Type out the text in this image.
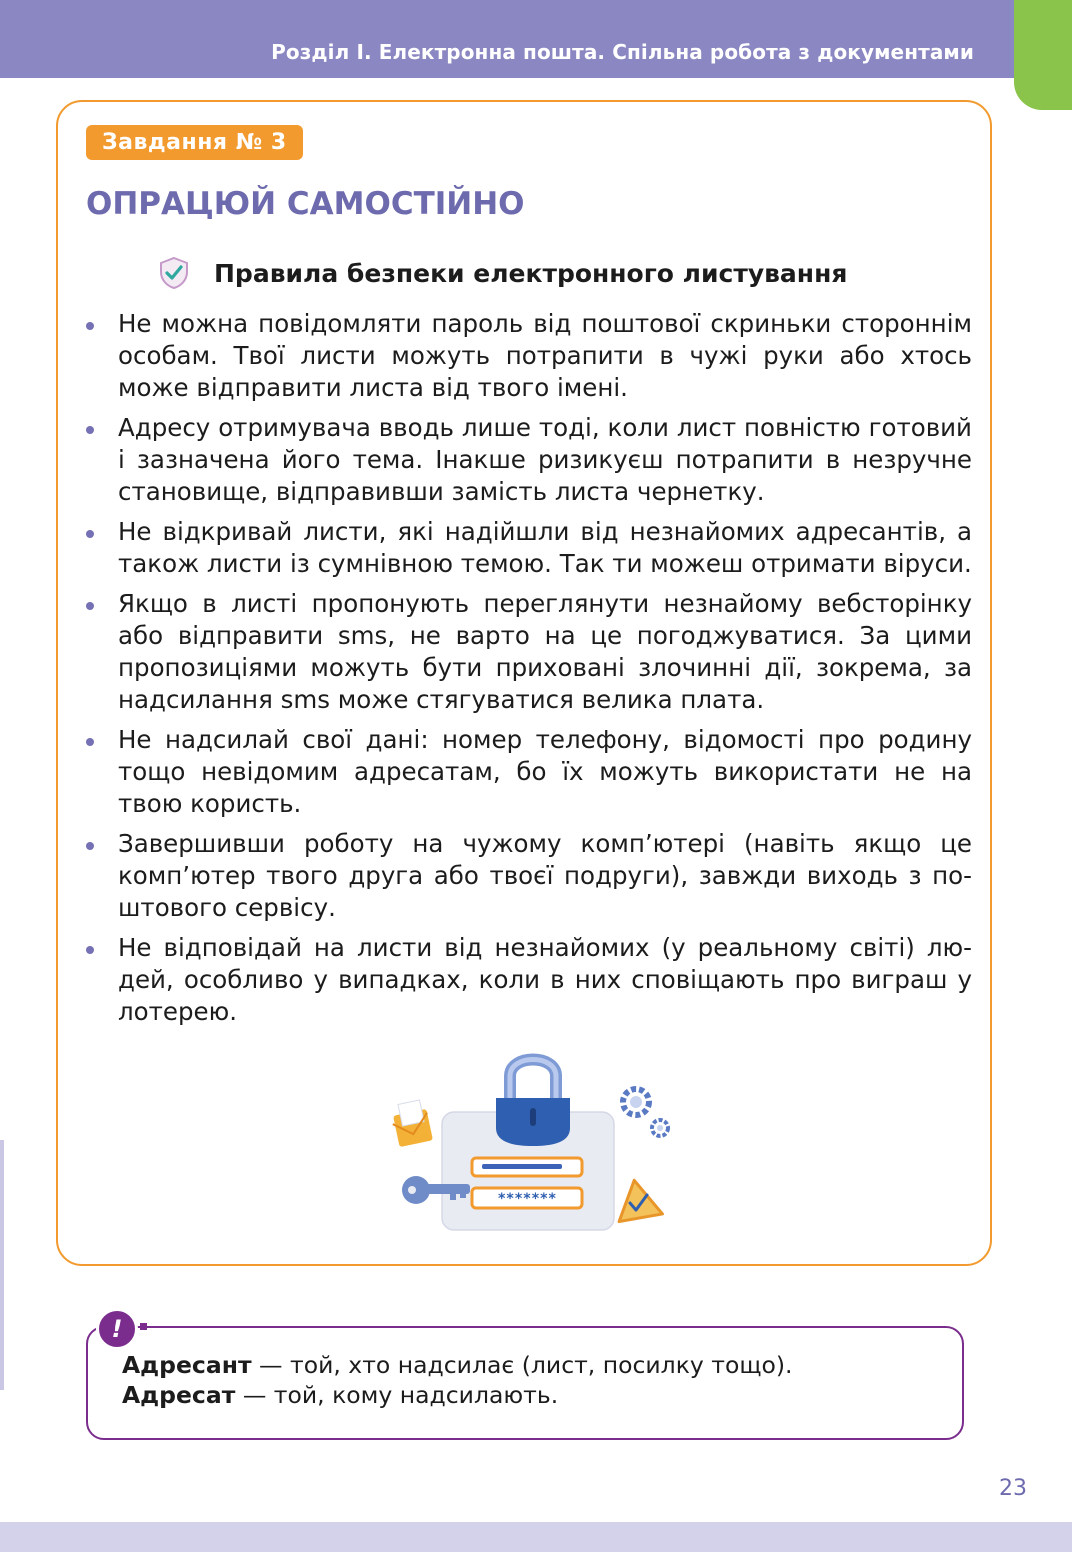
Розділ І. Електронна пошта. Спільна робота з документами
Завдання № 3
ОПРАЦЮЙ САМОСТІЙНО
Правила безпеки електронного листування
Не можна повідомляти пароль від поштової скриньки стороннім особам. Твої листи можуть потрапити в чужі руки або хтось може відправити листа від твого імені.
Адресу отримувача вводь лише тоді, коли лист повністю готовий і зазначена його тема. Інакше ризикуєш потрапити в незручне становище, відправивши замість листа чернетку.
Не відкривай листи, які надійшли від незнайомих адресантів, а також листи із сумнівною темою. Так ти можеш отримати віруси.
Якщо в листі пропонують переглянути незнайому вебсторінку або відправити sms, не варто на це погоджуватися. За цими пропозиціями можуть бути приховані злочинні дії, зокрема, за надсилання sms може стягуватися велика плата.
Не надсилай свої дані: номер телефону, відомості про родину тощо невідомим адресатам, бо їх можуть використати не на твою користь.
Завершивши роботу на чужому комп’ютері (навіть якщо це комп’ютер твого друга або твоєї подруги), завжди виходь з поштового сервісу.
Не відповідай на листи від незнайомих (у реальному світі) людей, особливо у випадках, коли в них сповіщають про виграш у лотерею.
*******
!
Адресант — той, хто надсилає (лист, посилку тощо).
Адресат — той, кому надсилають.
23
